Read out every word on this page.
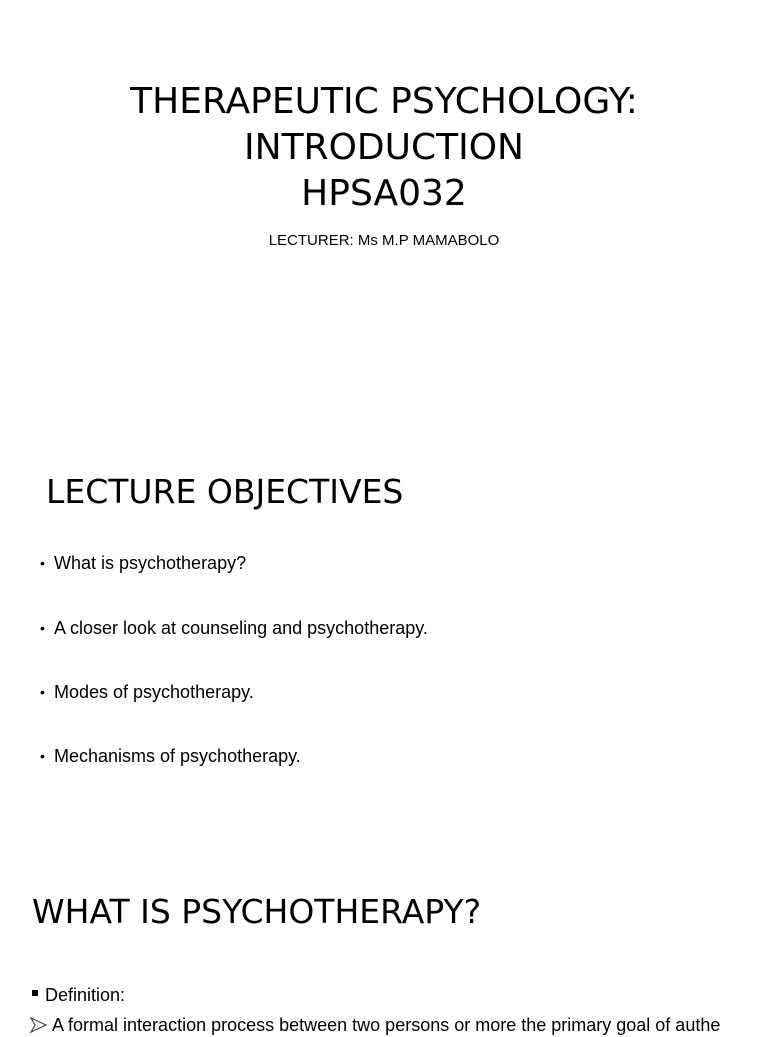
THERAPEUTIC PSYCHOLOGY:
INTRODUCTION
HPSA032
LECTURER: Ms M.P MAMABOLO
LECTURE OBJECTIVES
• What is psychotherapy?
• A closer look at counseling and psychotherapy.
• Modes of psychotherapy.
• Mechanisms of psychotherapy.
WHAT IS PSYCHOTHERAPY?
Definition:
A formal interaction process between two persons or more the primary goal of authe
